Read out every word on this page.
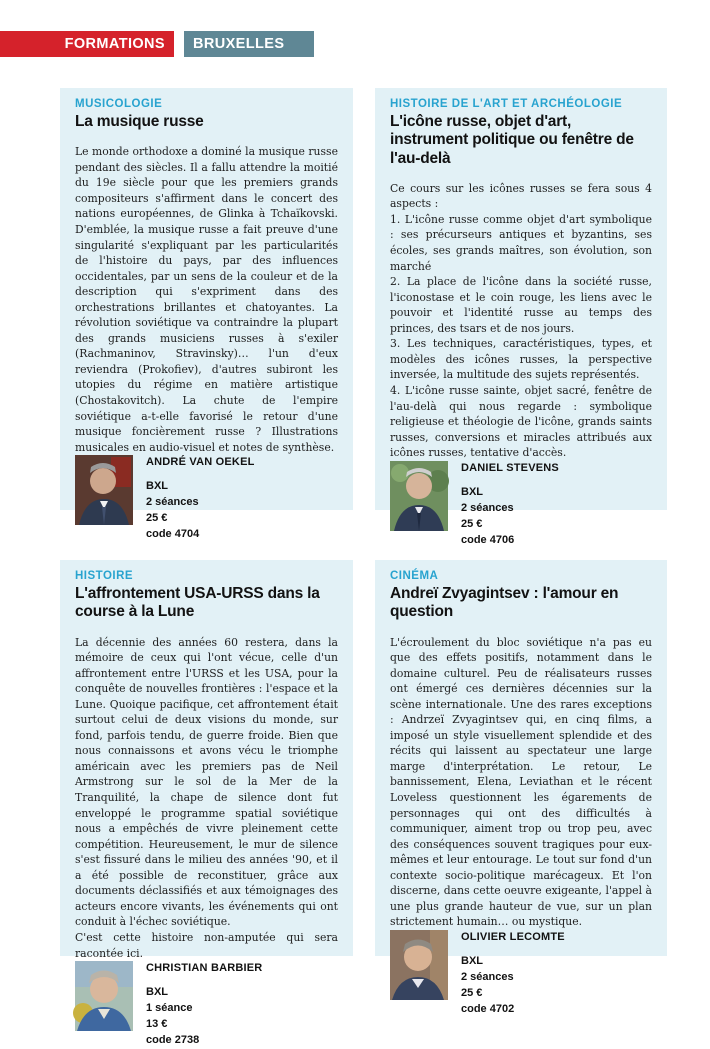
FORMATIONS BRUXELLES
MUSICOLOGIE
La musique russe

Le monde orthodoxe a dominé la musique russe pendant des siècles. Il a fallu attendre la moitié du 19e siècle pour que les premiers grands compositeurs s'affirment dans le concert des nations européennes, de Glinka à Tchaïkovski. D'emblée, la musique russe a fait preuve d'une singularité s'expliquant par les particularités de l'histoire du pays, par des influences occidentales, par un sens de la couleur et de la description qui s'expriment dans des orchestrations brillantes et chatoyantes. La révolution soviétique va contraindre la plupart des grands musiciens russes à s'exiler (Rachmaninov, Stravinsky)… l'un d'eux reviendra (Prokofiev), d'autres subiront les utopies du régime en matière artistique (Chostakovitch). La chute de l'empire soviétique a-t-elle favorisé le retour d'une musique foncièrement russe ? Illustrations musicales en audio-visuel et notes de synthèse.

ANDRÉ VAN OEKEL
BXL
2 séances
25 €
code 4704
HISTOIRE DE L'ART ET ARCHÉOLOGIE
L'icône russe, objet d'art, instrument politique ou fenêtre de l'au-delà

Ce cours sur les icônes russes se fera sous 4 aspects :

1. L'icône russe comme objet d'art symbolique : ses précurseurs antiques et byzantins, ses écoles, ses grands maîtres, son évolution, son marché

2. La place de l'icône dans la société russe, l'iconostase et le coin rouge, les liens avec le pouvoir et l'identité russe au temps des princes, des tsars et de nos jours.

3. Les techniques, caractéristiques, types, et modèles des icônes russes, la perspective inversée, la multitude des sujets représentés.

4. L'icône russe sainte, objet sacré, fenêtre de l'au-delà qui nous regarde : symbolique religieuse et théologie de l'icône, grands saints russes, conversions et miracles attribués aux icônes russes, tentative d'accès.

DANIEL STEVENS
BXL
2 séances
25 €
code 4706
HISTOIRE
L'affrontement USA-URSS dans la course à la Lune

La décennie des années 60 restera, dans la mémoire de ceux qui l'ont vécue, celle d'un affrontement entre l'URSS et les USA, pour la conquête de nouvelles frontières : l'espace et la Lune. Quoique pacifique, cet affrontement était surtout celui de deux visions du monde, sur fond, parfois tendu, de guerre froide. Bien que nous connaissons et avons vécu le triomphe américain avec les premiers pas de Neil Armstrong sur le sol de la Mer de la Tranquilité, la chape de silence dont fut enveloppé le programme spatial soviétique nous a empêchés de vivre pleinement cette compétition. Heureusement, le mur de silence s'est fissuré dans le milieu des années '90, et il a été possible de reconstituer, grâce aux documents déclassifiés et aux témoignages des acteurs encore vivants, les événements qui ont conduit à l'échec soviétique.

C'est cette histoire non-amputée qui sera racontée ici.

CHRISTIAN BARBIER
BXL
1 séance
13 €
code 2738
CINÉMA
Andreï Zvyagintsev : l'amour en question

L'écroulement du bloc soviétique n'a pas eu que des effets positifs, notamment dans le domaine culturel. Peu de réalisateurs russes ont émergé ces dernières décennies sur la scène internationale. Une des rares exceptions : Andrzeï Zvyagintsev qui, en cinq films, a imposé un style visuellement splendide et des récits qui laissent au spectateur une large marge d'interprétation. Le retour, Le bannissement, Elena, Leviathan et le récent Loveless questionnent les égarements de personnages qui ont des difficultés à communiquer, aiment trop ou trop peu, avec des conséquences souvent tragiques pour eux-mêmes et leur entourage. Le tout sur fond d'un contexte socio-politique marécageux. Et l'on discerne, dans cette oeuvre exigeante, l'appel à une plus grande hauteur de vue, sur un plan strictement humain… ou mystique.

OLIVIER LECOMTE
BXL
2 séances
25 €
code 4702
